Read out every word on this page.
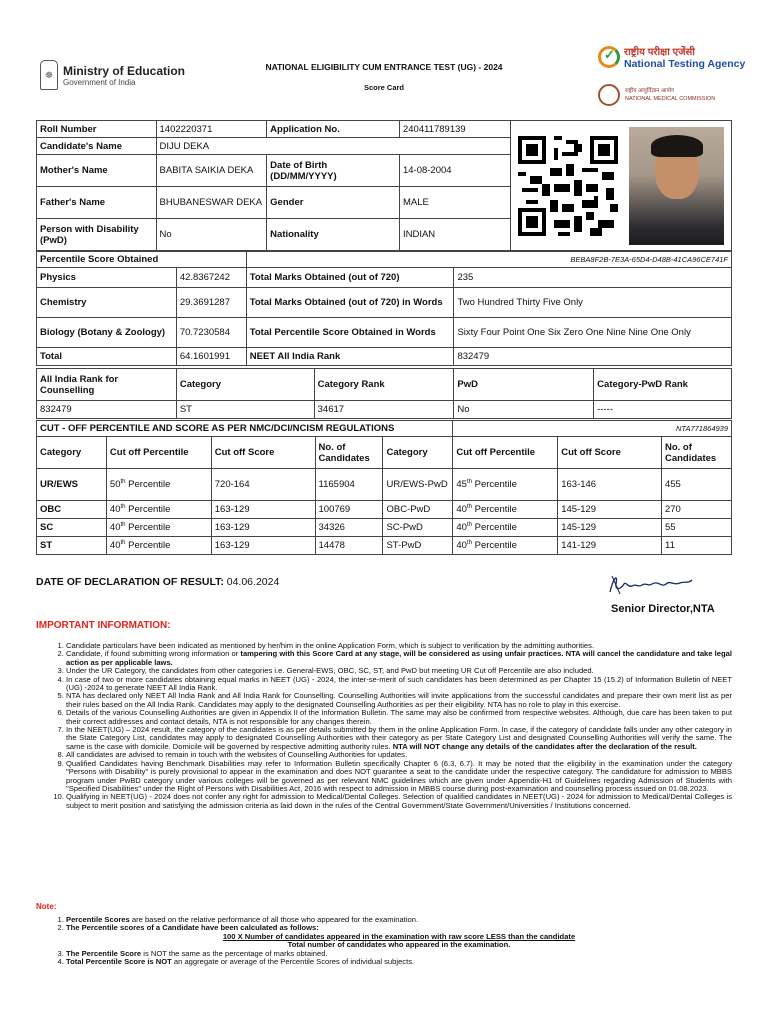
☸ Ministry of Education
Government of India
NATIONAL ELIGIBILITY CUM ENTRANCE TEST (UG) - 2024
Score Card
✓
राष्ट्रीय परीक्षा एजेंसी
National Testing Agency
राष्ट्रीय आयुर्विज्ञान आयोग
NATIONAL MEDICAL COMMISSION
Roll Number	1402220371	Application No.	240411789139	

Candidate's Name	DIJU DEKA			
Mother's Name	BABITA SAIKIA DEKA	Date of Birth (DD/MM/YYYY)	14-08-2004	
Father's Name	BHUBANESWAR DEKA	Gender	MALE	
Person with Disability (PwD)	No	Nationality	INDIAN	
Percentile Score Obtained		BEBA8F2B-7E3A-65D4-D48B-41CA96CE741F	
Physics	42.8367242	Total Marks Obtained (out of 720)	235
Chemistry	29.3691287	Total Marks Obtained (out of 720) in Words	Two Hundred Thirty Five Only
Biology (Botany & Zoology)	70.7230584	Total Percentile Score Obtained in Words	Sixty Four Point One Six Zero One Nine Nine One Only
Total	64.1601991	NEET All India Rank	832479
All India Rank for Counselling	Category	Category Rank	PwD	Category-PwD Rank
832479	ST	34617	No	-----
CUT - OFF PERCENTILE AND SCORE AS PER NMC/DCI/NCISM REGULATIONS					NTA771864939		
Category	Cut off Percentile	Cut off Score	No. of Candidates	Category	Cut off Percentile	Cut off Score	No. of Candidates
UR/EWS	50th Percentile	720-164	1165904	UR/EWS-PwD	45th Percentile	163-146	455
OBC	40th Percentile	163-129	100769	OBC-PwD	40th Percentile	145-129	270
SC	40th Percentile	163-129	34326	SC-PwD	40th Percentile	145-129	55
ST	40th Percentile	163-129	14478	ST-PwD	40th Percentile	141-129	11
DATE OF DECLARATION OF RESULT: 04.06.2024
Senior Director,NTA
IMPORTANT INFORMATION:
1. Candidate particulars have been indicated as mentioned by her/him in the online Application Form, which is subject to verification by the admitting authorities.
2. Candidate, if found submitting wrong information or tampering with this Score Card at any stage, will be considered as using unfair practices. NTA will cancel the candidature and take legal action as per applicable laws.
3. Under the UR Category, the candidates from other categories i.e. General-EWS, OBC, SC, ST, and PwD but meeting UR Cut off Percentile are also included.
4. In case of two or more candidates obtaining equal marks in NEET (UG) - 2024, the inter-se-merit of such candidates has been determined as per Chapter 15 (15.2) of Information Bulletin of NEET (UG) -2024 to generate NEET All India Rank.
5. NTA has declared only NEET All India Rank and All India Rank for Counselling. Counselling Authorities will invite applications from the successful candidates and prepare their own merit list as per their rules based on the All India Rank. Candidates may apply to the designated Counselling Authorities as per their eligibility. NTA has no role to play in this exercise.
6. Details of the various Counselling Authorities are given in Appendix II of the Information Bulletin. The same may also be confirmed from respective websites. Although, due care has been taken to put their correct addresses and contact details, NTA is not responsible for any changes therein.
7. In the NEET(UG) – 2024 result, the category of the candidates is as per details submitted by them in the online Application Form. In case, if the category of candidate falls under any other category in the State Category List, candidates may apply to designated Counselling Authorities with their category as per State Category List and designated Counselling Authorities will verify the same. The same is the case with domicile. Domicile will be governed by respective admitting authority rules. NTA will NOT change any details of the candidates after the declaration of the result.
8. All candidates are advised to remain in touch with the websites of Counselling Authorities for updates.
9. Qualified Candidates having Benchmark Disabilities may refer to Information Bulletin specifically Chapter 6 (6.3, 6.7). It may be noted that the eligibility in the examination under the category "Persons with Disability" is purely provisional to appear in the examination and does NOT guarantee a seat to the candidate under the respective category. The candidature for admission to MBBS program under PwBD category under various colleges will be governed as per relevant NMC guidelines which are given under Appendix-H1 of Guidelines regarding Admission of Students with "Specified Disabilities" under the Right of Persons with Disabilities Act, 2016 with respect to admission in MBBS course during post-examination and counselling process issued on 01.08.2023.
10. Qualifying in NEET(UG) - 2024 does not confer any right for admission to Medical/Dental Colleges. Selection of qualified candidates in NEET(UG) - 2024 for admission to Medical/Dental Colleges is subject to merit position and satisfying the admission criteria as laid down in the rules of the Central Government/State Government/Universities / Institutions concerned.
Note:
1. Percentile Scores are based on the relative performance of all those who appeared for the examination.
2. The Percentile scores of a Candidate have been calculated as follows:
100 X Number of candidates appeared in the examination with raw score LESS than the candidate
Total number of candidates who appeared in the examination.
3. The Percentile Score is NOT the same as the percentage of marks obtained.
4. Total Percentile Score is NOT an aggregate or average of the Percentile Scores of individual subjects.
